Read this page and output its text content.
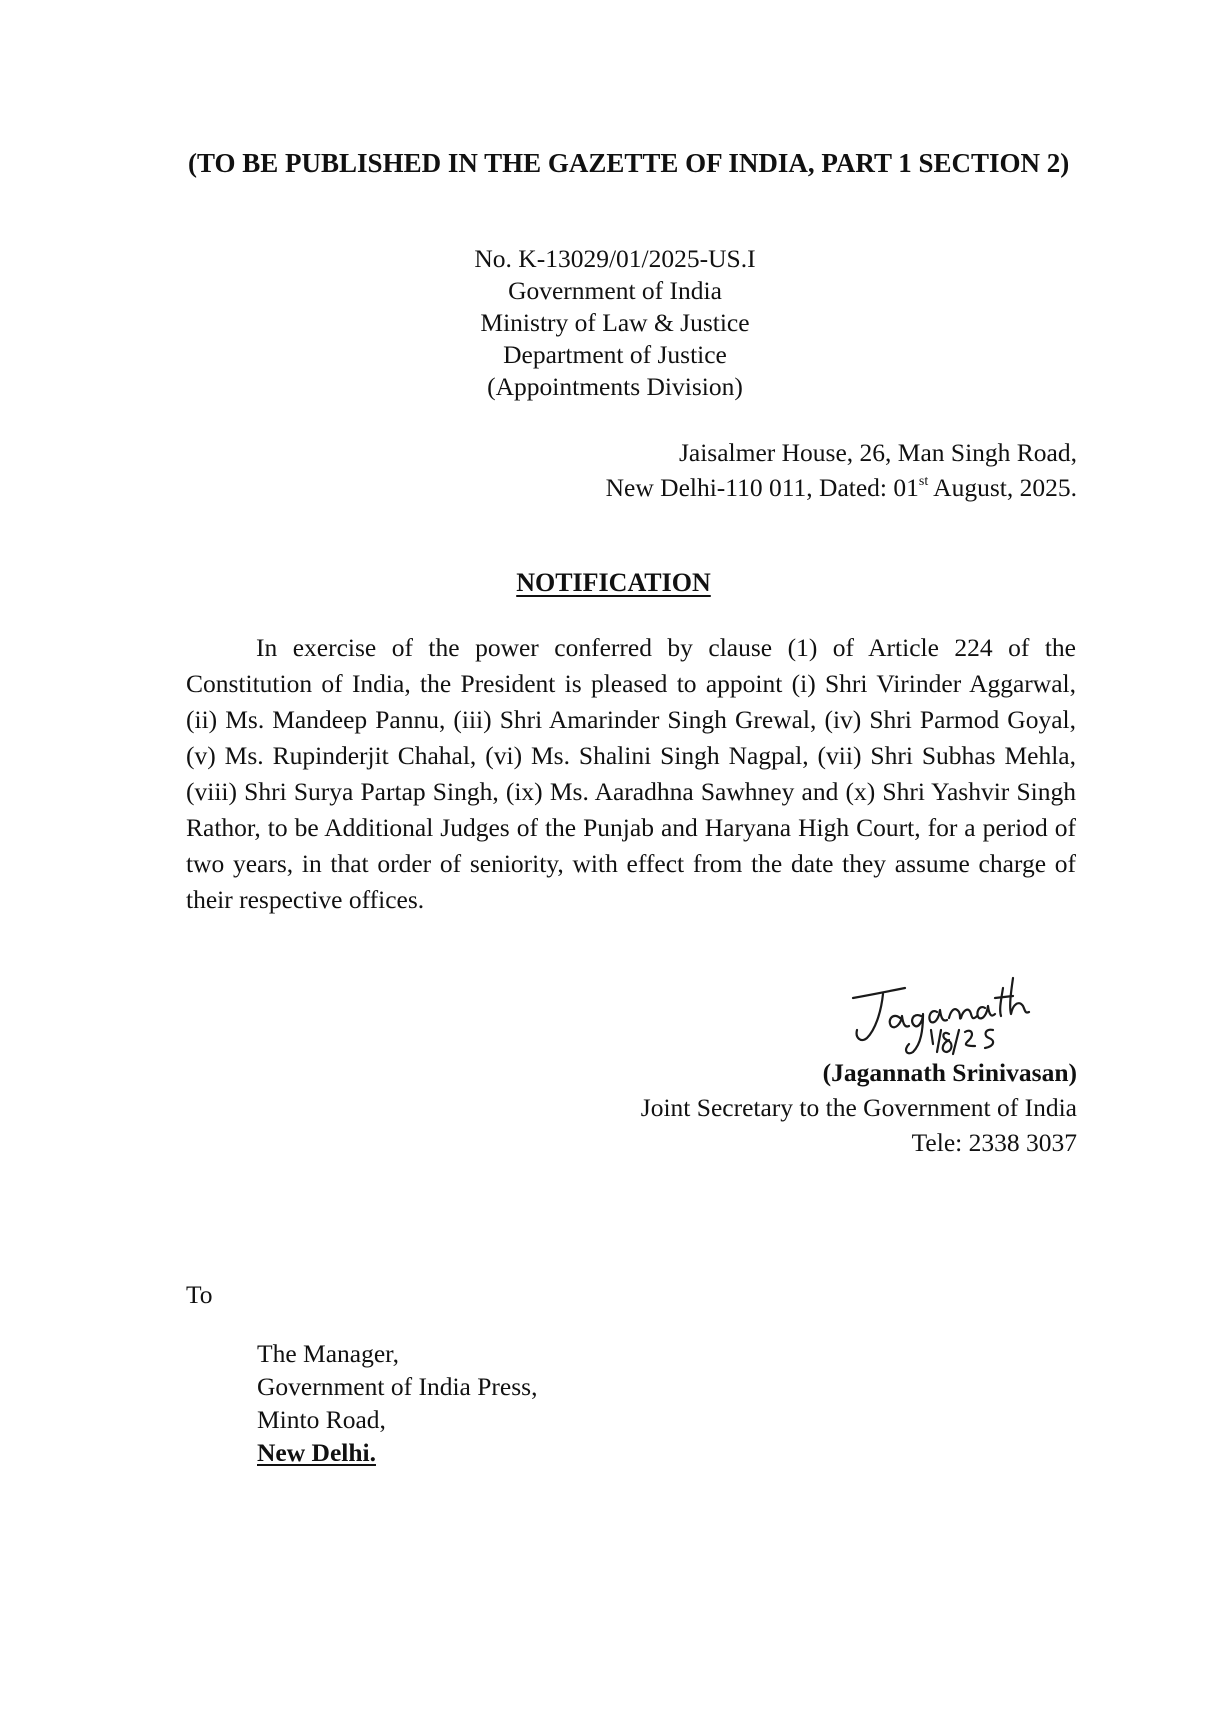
(TO BE PUBLISHED IN THE GAZETTE OF INDIA, PART 1 SECTION 2)
No. K-13029/01/2025-US.I
Government of India
Ministry of Law & Justice
Department of Justice
(Appointments Division)
Jaisalmer House, 26, Man Singh Road,
New Delhi-110 011, Dated: 01st August, 2025.
NOTIFICATION
In exercise of the power conferred by clause (1) of Article 224 of the Constitution of India, the President is pleased to appoint (i) Shri Virinder Aggarwal, (ii) Ms. Mandeep Pannu, (iii) Shri Amarinder Singh Grewal, (iv) Shri Parmod Goyal, (v) Ms. Rupinderjit Chahal, (vi) Ms. Shalini Singh Nagpal, (vii) Shri Subhas Mehla, (viii) Shri Surya Partap Singh, (ix) Ms. Aaradhna Sawhney and (x) Shri Yashvir Singh Rathor, to be Additional Judges of the Punjab and Haryana High Court, for a period of two years, in that order of seniority, with effect from the date they assume charge of their respective offices.
(Jagannath Srinivasan)
Joint Secretary to the Government of India
Tele: 2338 3037
To
The Manager,
Government of India Press,
Minto Road,
New Delhi.
